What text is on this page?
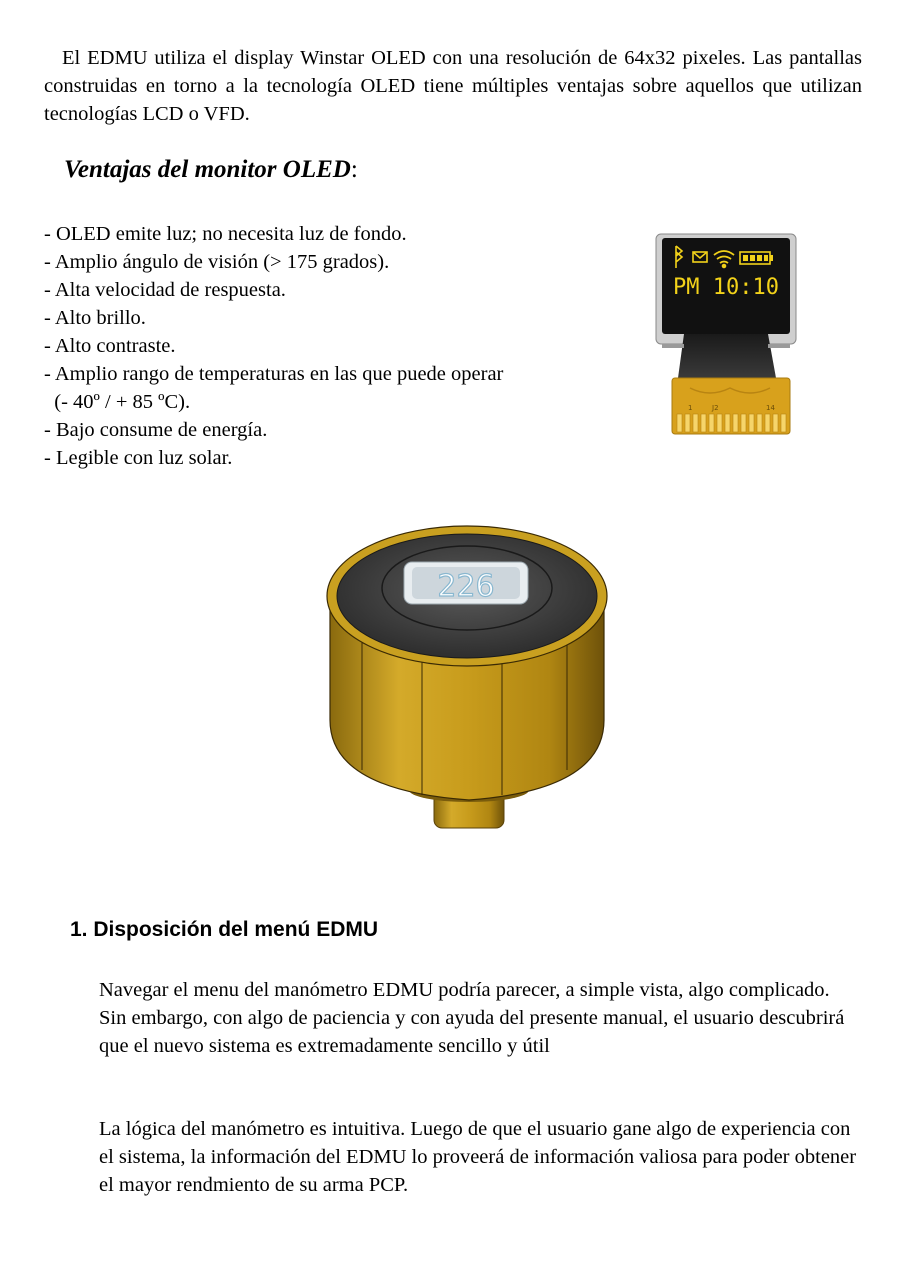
El EDMU utiliza el display Winstar OLED con una resolución de 64x32 pixeles. Las pantallas construidas en torno a la tecnología OLED tiene múltiples ventajas sobre aquellos que utilizan tecnologías LCD o VFD.

Ventajas del monitor OLED:
- OLED emite luz; no necesita luz de fondo.
- Amplio ángulo de visión (> 175 grados).
- Alta velocidad de respuesta.
- Alto brillo.
- Alto contraste.
- Amplio rango de temperaturas en las que puede operar
(- 40º / + 85 ºC).
- Bajo consume de energía.
- Legible con luz solar.
PM 10:10
1	J2	14
226
1. Disposición del menú EDMU

Navegar el menu del manómetro EDMU podría parecer, a simple vista, algo complicado. Sin embargo, con algo de paciencia y con ayuda del presente manual, el usuario descubrirá que el nuevo sistema es extremadamente sencillo y útil

La lógica del manómetro es intuitiva. Luego de que el usuario gane algo de experiencia con el sistema, la información del EDMU lo proveerá de información valiosa para poder obtener el mayor rendmiento de su arma PCP.
